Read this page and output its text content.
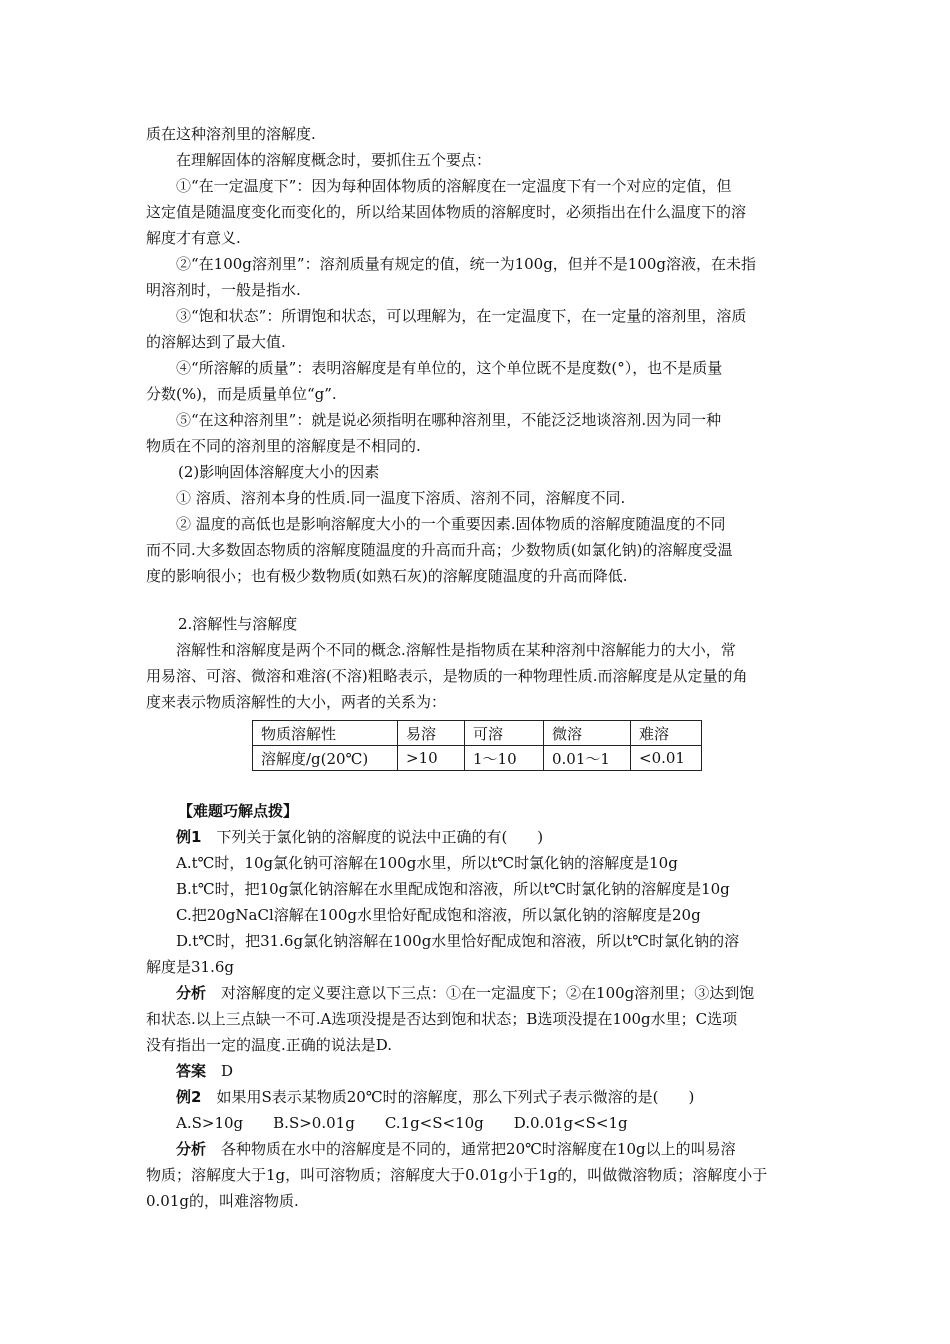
质在这种溶剂里的溶解度.
在理解固体的溶解度概念时，要抓住五个要点：
①“在一定温度下”：因为每种固体物质的溶解度在一定温度下有一个对应的定值，但
这定值是随温度变化而变化的，所以给某固体物质的溶解度时，必须指出在什么温度下的溶
解度才有意义.
②“在100g溶剂里”：溶剂质量有规定的值，统一为100g，但并不是100g溶液，在未指
明溶剂时，一般是指水.
③“饱和状态”：所谓饱和状态，可以理解为，在一定温度下，在一定量的溶剂里，溶质
的溶解达到了最大值.
④“所溶解的质量”：表明溶解度是有单位的，这个单位既不是度数(°），也不是质量
分数(%)，而是质量单位“g”.
⑤“在这种溶剂里”：就是说必须指明在哪种溶剂里，不能泛泛地谈溶剂.因为同一种
物质在不同的溶剂里的溶解度是不相同的.
(2)影响固体溶解度大小的因素
① 溶质、溶剂本身的性质.同一温度下溶质、溶剂不同，溶解度不同.
② 温度的高低也是影响溶解度大小的一个重要因素.固体物质的溶解度随温度的不同
而不同.大多数固态物质的溶解度随温度的升高而升高；少数物质(如氯化钠)的溶解度受温
度的影响很小；也有极少数物质(如熟石灰)的溶解度随温度的升高而降低.
2.溶解性与溶解度
溶解性和溶解度是两个不同的概念.溶解性是指物质在某种溶剂中溶解能力的大小，常
用易溶、可溶、微溶和难溶(不溶)粗略表示，是物质的一种物理性质.而溶解度是从定量的角
度来表示物质溶解性的大小，两者的关系为：
物质溶解性	易溶	可溶	微溶	难溶
溶解度/g(20℃)	>10	1～10	0.01～1	<0.01
【难题巧解点拨】
例1　 下列关于氯化钠的溶解度的说法中正确的有(　　)
A.t℃时，10g氯化钠可溶解在100g水里，所以t℃时氯化钠的溶解度是10g
B.t℃时，把10g氯化钠溶解在水里配成饱和溶液，所以t℃时氯化钠的溶解度是10g
C.把20gNaCl溶解在100g水里恰好配成饱和溶液，所以氯化钠的溶解度是20g
D.t℃时，把31.6g氯化钠溶解在100g水里恰好配成饱和溶液，所以t℃时氯化钠的溶
解度是31.6g
分析　 对溶解度的定义要注意以下三点：①在一定温度下；②在100g溶剂里；③达到饱
和状态.以上三点缺一不可.A选项没提是否达到饱和状态；B选项没提在100g水里；C选项
没有指出一定的温度.正确的说法是D.
答案　 D
例2　 如果用S表示某物质20℃时的溶解度，那么下列式子表示微溶的是(　　)
A.S>10g　　 B.S>0.01g　　 C.1g<S<10g　　 D.0.01g<S<1g
分析　 各种物质在水中的溶解度是不同的，通常把20℃时溶解度在10g以上的叫易溶
物质；溶解度大于1g，叫可溶物质；溶解度大于0.01g小于1g的，叫做微溶物质；溶解度小于
0.01g的，叫难溶物质.
